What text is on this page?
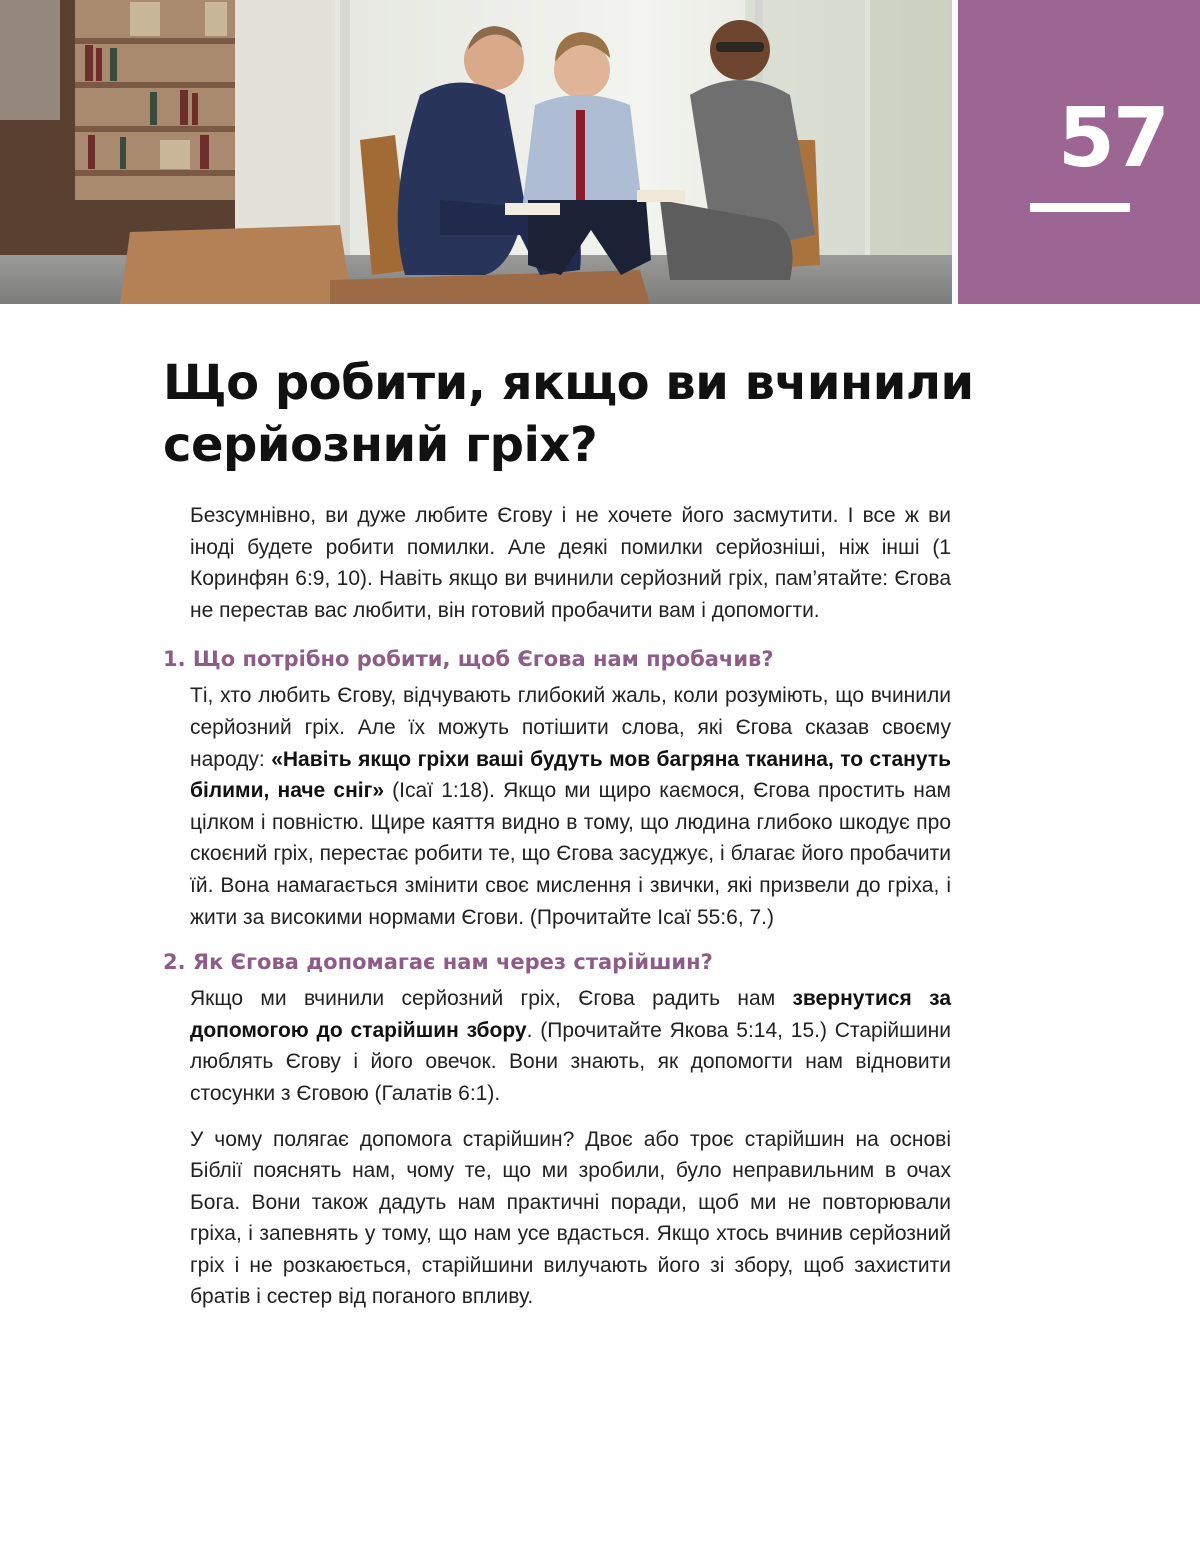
57
Що робити, якщо ви вчинили серйозний гріх?

Безсумнівно, ви дуже любите Єгову і не хочете його засмутити. І все ж ви іноді будете робити помилки. Але деякі помилки серйозніші, ніж інші (1 Коринфян 6:9, 10). Навіть якщо ви вчинили серйозний гріх, пам’ятайте: Єгова не перестав вас любити, він готовий пробачити вам і допомогти.

1. Що потрібно робити, щоб Єгова нам пробачив?

Ті, хто любить Єгову, відчувають глибокий жаль, коли розуміють, що вчинили серйозний гріх. Але їх можуть потішити слова, які Єгова сказав своєму народу: «Навіть якщо гріхи ваші будуть мов багряна тканина, то стануть білими, наче сніг» (Ісаї 1:18). Якщо ми щиро каємося, Єгова простить нам цілком і повністю. Щире каяття видно в тому, що людина глибоко шкодує про скоєний гріх, перестає робити те, що Єгова засуджує, і благає його пробачити їй. Вона намагається змінити своє мислення і звички, які призвели до гріха, і жити за високими нормами Єгови. (Прочитайте Ісаї 55:6, 7.)

2. Як Єгова допомагає нам через старійшин?

Якщо ми вчинили серйозний гріх, Єгова радить нам звернутися за допомогою до старійшин збору. (Прочитайте Якова 5:14, 15.) Старійшини люблять Єгову і його овечок. Вони знають, як допомогти нам відновити стосунки з Єговою (Галатів 6:1).

У чому полягає допомога старійшин? Двоє або троє старійшин на основі Біблії пояснять нам, чому те, що ми зробили, було неправильним в очах Бога. Вони також дадуть нам практичні поради, щоб ми не повторювали гріха, і запевнять у тому, що нам усе вдасться. Якщо хтось вчинив серйозний гріх і не розкаюється, старійшини вилучають його зі збору, щоб захистити братів і сестер від поганого впливу.
